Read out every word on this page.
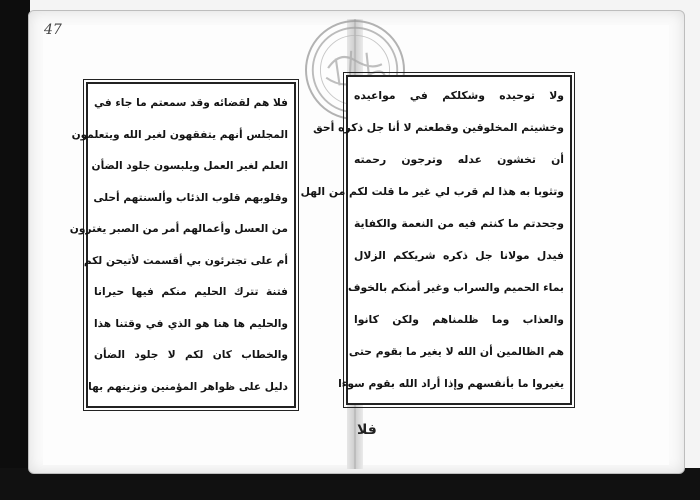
47
فلا هم لقضائه وقد سمعتم ما جاء في
المجلس أنهم يتفقهون لغير الله ويتعلمون
العلم لغير العمل ويلبسون جلود الضأن
وقلوبهم قلوب الذئاب وألسنتهم أحلى
من العسل وأعمالهم أمر من الصبر يغترون
أم على تجترئون بي أقسمت لأتيحن لكم
فتنة تترك الحليم منكم فيها حيرانا
والحليم ها هنا هو الذي في وقتنا هذا
والخطاب كان لكم لا جلود الضأن
دليل على ظواهر المؤمنين وتزينهم بها
ولا توحيده وشكلكم في مواعيده
وخشيتم المخلوقين وقطعتم لا أنا جل ذكره أحق
أن تخشون عدله وترجون رحمته
وتثوبا به هذا لم قرب لي غير ما قلت لكم من الهل
وجحدتم ما كنتم فيه من النعمة والكفاية
فيدل مولانا جل ذكره شريككم الزلال
بماء الحميم والسراب وغير أمنكم بالخوف
والعذاب وما ظلمناهم ولكن كانوا
هم الظالمين أن الله لا يغير ما بقوم حتى
يغيروا ما بأنفسهم وإذا أراد الله بقوم سوءا
فلا
